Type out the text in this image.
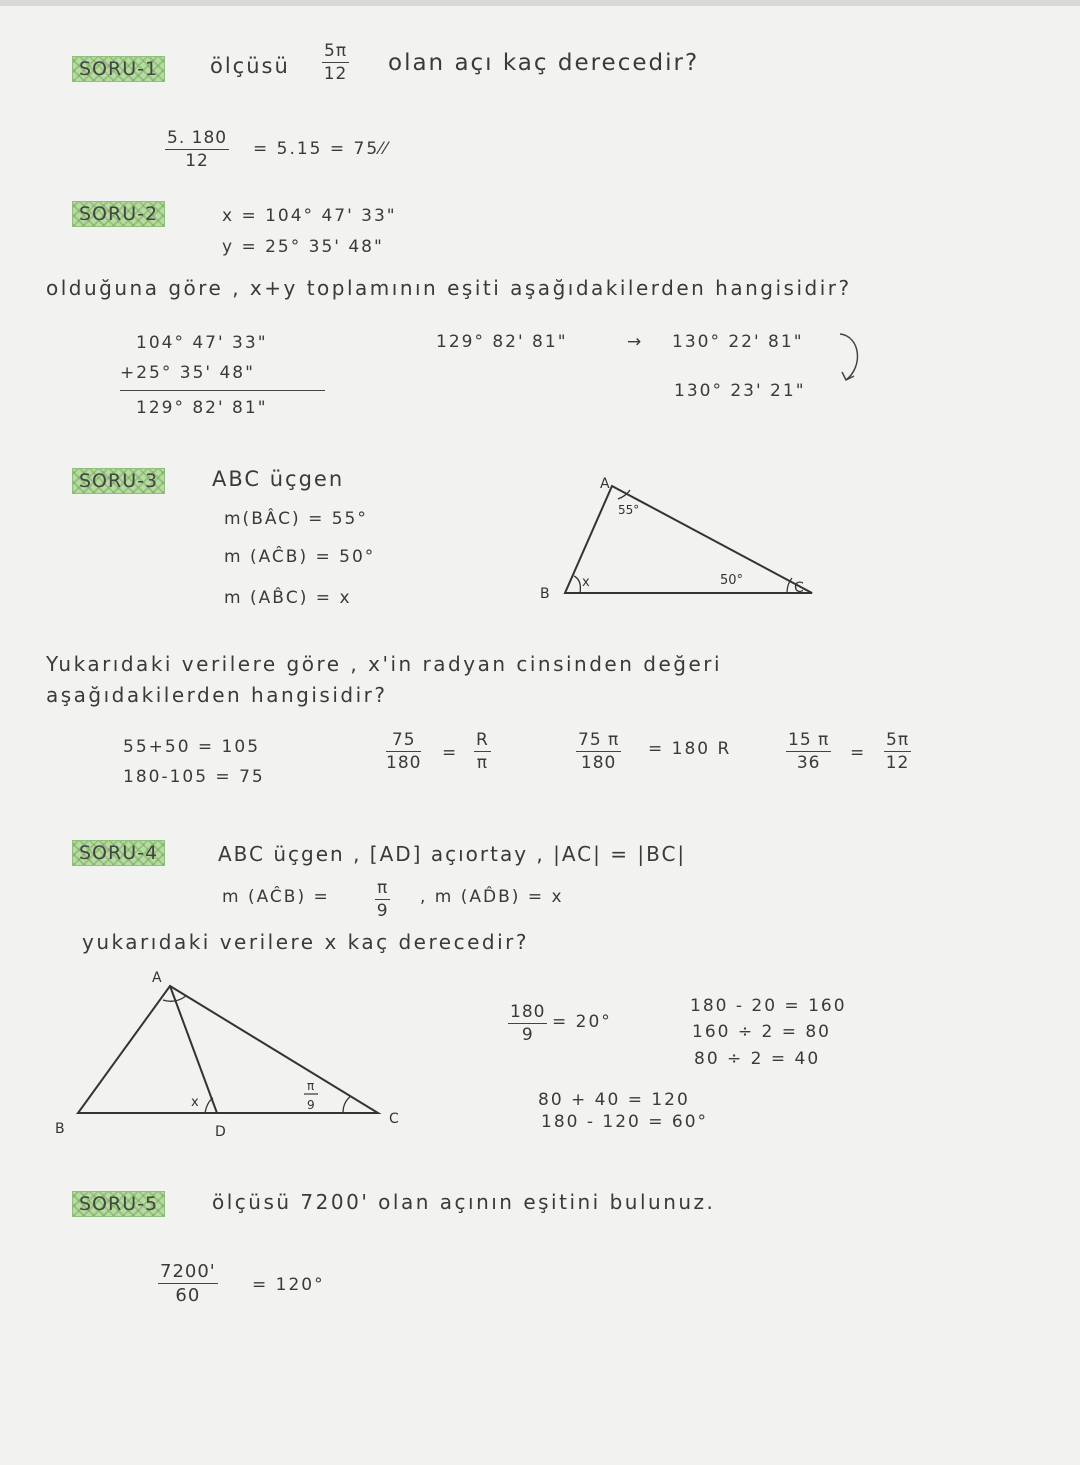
SORU-1	ölçüsü $\frac{5\pi}{12}$ olan açı kaç derecedir?
$\frac{5. 180}{12} = 5.15$ = 75⁄⁄
SORU-2	x = 104° 47' 33"
y = 25° 35' 48"
olduğuna göre , x+y toplamının eşiti aşağıdakilerden hangisidir?
104° 47' 33"
+25° 35' 48"
129° 82' 81"
129° 82' 81"	→ 130° 22' 81"
130° 23' 21"
SORU-3	ABC üçgen
m(BÂC) = 55°
m (AĈB) = 50°
m (AB̂C) = x
A
B	C
55°
x	50°
Yukarıdaki verilere göre , x'in radyan cinsinden değeri
aşağıdakilerden hangisidir?
55+50 = 105
180-105 = 75
$\frac{75}{180} = \frac{R}{\pi}$	$\frac{75 \pi}{180} = 180$ R	$\frac{15 \pi}{36} = \frac{5\pi}{12}$
SORU-4	ABC üçgen , [AD] açıortay , |AC| = |BC|
m (AĈB) =	$\frac{\pi}{9}$ , m (AD̂B) = x
yukarıdaki verilere x kaç derecedir?
A
B
C
D
x
π
9
$\frac{180}{9} = 20^\circ$
180 - 20 = 160
160 ÷ 2 = 80
80 ÷ 2 = 40
80 + 40 = 120
180 - 120 = 60°
SORU-5	ölçüsü 7200' olan açının eşitini bulunuz.
$\frac{7200'}{60} = 120^\circ$
